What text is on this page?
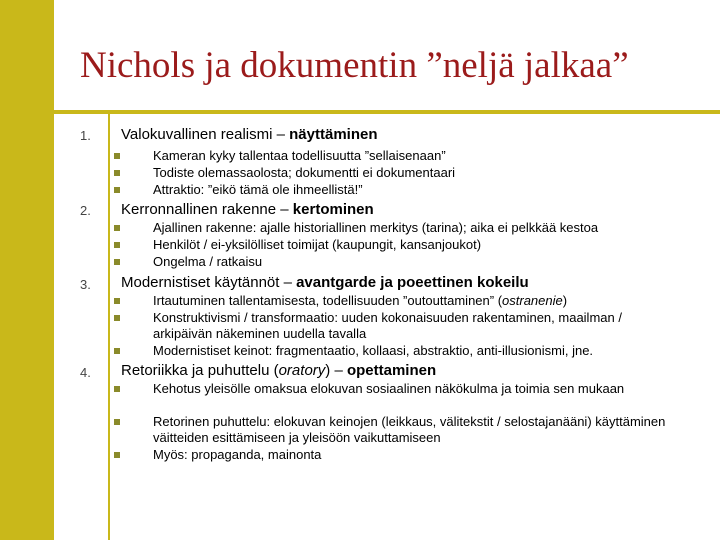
Nichols ja dokumentin ”neljä jalkaa”
1. Valokuvallinen realismi – näyttäminen
Kameran kyky tallentaa todellisuutta ”sellaisenaan”
Todiste olemassaolosta; dokumentti ei dokumentaari
Attraktio: ”eikö tämä ole ihmeellistä!”
2. Kerronnallinen rakenne – kertominen
Ajallinen rakenne: ajalle historiallinen merkitys (tarina); aika ei pelkkää kestoa
Henkilöt / ei-yksilölliset toimijat (kaupungit, kansanjoukot)
Ongelma / ratkaisu
3. Modernistiset käytännöt – avantgarde ja poeettinen kokeilu
Irtautuminen tallentamisesta, todellisuuden ”outouttaminen” (ostranenie)
Konstruktivismi / transformaatio: uuden kokonaisuuden rakentaminen, maailman / arkipäivän näkeminen uudella tavalla
Modernistiset keinot: fragmentaatio, kollaasi, abstraktio, anti-illusionismi, jne.
4. Retoriikka ja puhuttelu (oratory) – opettaminen
Kehotus yleisölle omaksua elokuvan sosiaalinen näkökulma ja toimia sen mukaan
Retorinen puhuttelu: elokuvan keinojen (leikkaus, välitekstit / selostajanääni) käyttäminen väitteiden esittämiseen ja yleisöön vaikuttamiseen
Myös: propaganda, mainonta
